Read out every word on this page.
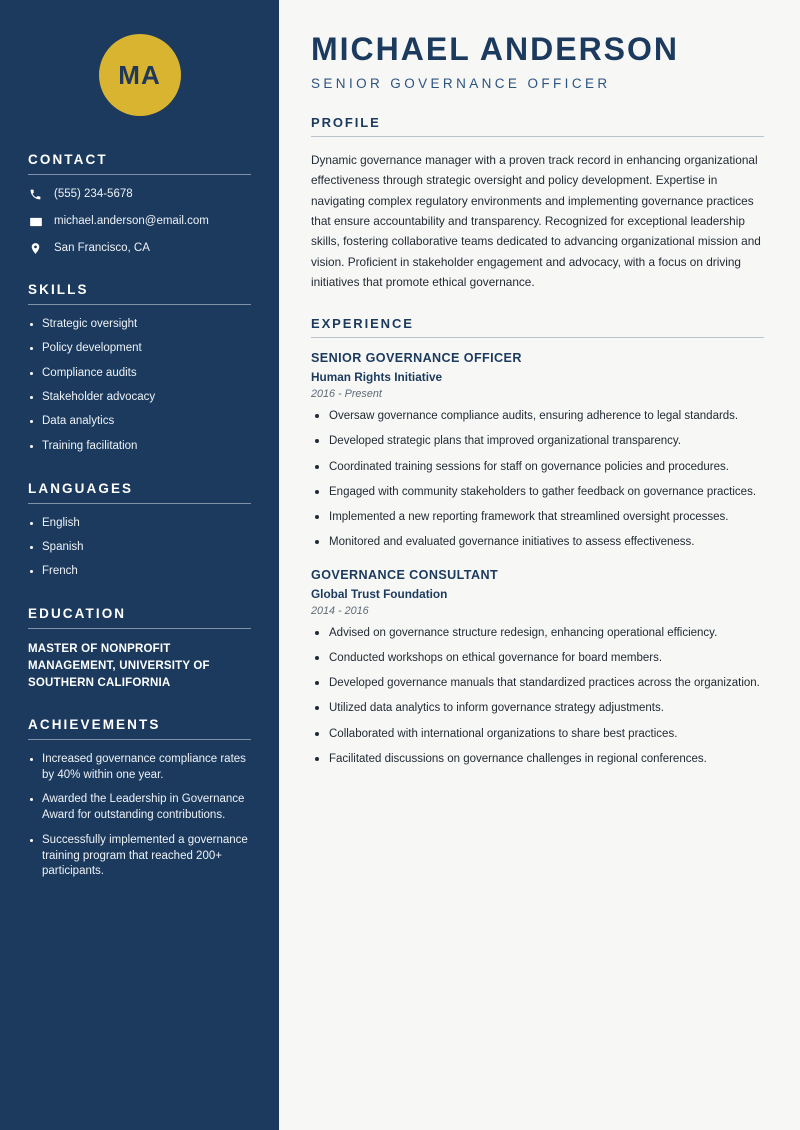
MA
CONTACT
(555) 234-5678
michael.anderson@email.com
San Francisco, CA
SKILLS
Strategic oversight
Policy development
Compliance audits
Stakeholder advocacy
Data analytics
Training facilitation
LANGUAGES
English
Spanish
French
EDUCATION
MASTER OF NONPROFIT MANAGEMENT, UNIVERSITY OF SOUTHERN CALIFORNIA
ACHIEVEMENTS
Increased governance compliance rates by 40% within one year.
Awarded the Leadership in Governance Award for outstanding contributions.
Successfully implemented a governance training program that reached 200+ participants.
MICHAEL ANDERSON
SENIOR GOVERNANCE OFFICER
PROFILE

Dynamic governance manager with a proven track record in enhancing organizational effectiveness through strategic oversight and policy development. Expertise in navigating complex regulatory environments and implementing governance practices that ensure accountability and transparency. Recognized for exceptional leadership skills, fostering collaborative teams dedicated to advancing organizational mission and vision. Proficient in stakeholder engagement and advocacy, with a focus on driving initiatives that promote ethical governance.

EXPERIENCE
SENIOR GOVERNANCE OFFICER
Human Rights Initiative
2016 - Present
Oversaw governance compliance audits, ensuring adherence to legal standards.
Developed strategic plans that improved organizational transparency.
Coordinated training sessions for staff on governance policies and procedures.
Engaged with community stakeholders to gather feedback on governance practices.
Implemented a new reporting framework that streamlined oversight processes.
Monitored and evaluated governance initiatives to assess effectiveness.
GOVERNANCE CONSULTANT
Global Trust Foundation
2014 - 2016
Advised on governance structure redesign, enhancing operational efficiency.
Conducted workshops on ethical governance for board members.
Developed governance manuals that standardized practices across the organization.
Utilized data analytics to inform governance strategy adjustments.
Collaborated with international organizations to share best practices.
Facilitated discussions on governance challenges in regional conferences.
